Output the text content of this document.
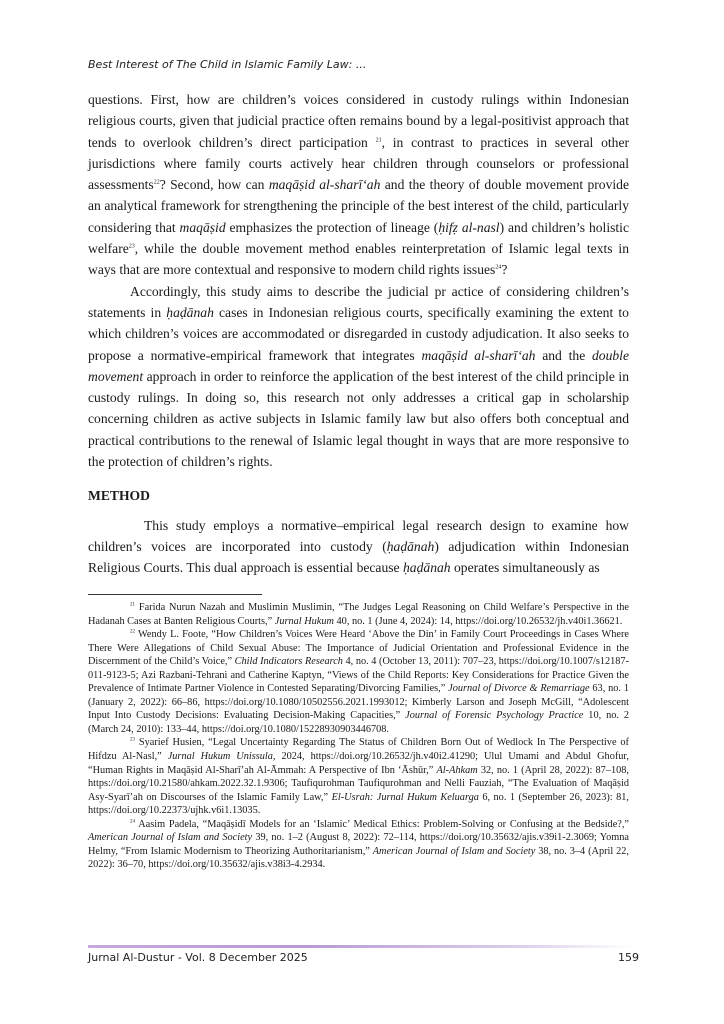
Best Interest of The Child in Islamic Family Law: ...

questions. First, how are children’s voices considered in custody rulings within Indonesian religious courts, given that judicial practice often remains bound by a legal-positivist approach that tends to overlook children’s direct participation $^{21}$, in contrast to practices in several other jurisdictions where family courts actively hear children through counselors or professional assessments$^{22}$? Second, how can maqāṣid al-sharī‘ah and the theory of double movement provide an analytical framework for strengthening the principle of the best interest of the child, particularly considering that maqāṣid emphasizes the protection of lineage (ḥifẓ al-nasl) and children’s holistic welfare$^{23}$, while the double movement method enables reinterpretation of Islamic legal texts in ways that are more contextual and responsive to modern child rights issues$^{24}$?

Accordingly, this study aims to describe the judicial pr actice of considering children’s statements in ḥaḍānah cases in Indonesian religious courts, specifically examining the extent to which children’s voices are accommodated or disregarded in custody adjudication. It also seeks to propose a normative-empirical framework that integrates maqāṣid al-sharī‘ah and the double movement approach in order to reinforce the application of the best interest of the child principle in custody rulings. In doing so, this research not only addresses a critical gap in scholarship concerning children as active subjects in Islamic family law but also offers both conceptual and practical contributions to the renewal of Islamic legal thought in ways that are more responsive to the protection of children’s rights.

METHOD

This study employs a normative–empirical legal research design to examine how children’s voices are incorporated into custody (ḥaḍānah) adjudication within Indonesian Religious Courts. This dual approach is essential because ḥaḍānah operates simultaneously as

$^{21}$ Farida Nurun Nazah and Muslimin Muslimin, “The Judges Legal Reasoning on Child Welfare’s Perspective in the Hadanah Cases at Banten Religious Courts,” Jurnal Hukum 40, no. 1 (June 4, 2024): 14, https://doi.org/10.26532/jh.v40i1.36621.

$^{22}$ Wendy L. Foote, “How Children’s Voices Were Heard ‘Above the Din’ in Family Court Proceedings in Cases Where There Were Allegations of Child Sexual Abuse: The Importance of Judicial Orientation and Professional Evidence in the Discernment of the Child’s Voice,” Child Indicators Research 4, no. 4 (October 13, 2011): 707–23, https://doi.org/10.1007/s12187-011-9123-5; Azi Razbani-Tehrani and Catherine Kaptyn, “Views of the Child Reports: Key Considerations for Practice Given the Prevalence of Intimate Partner Violence in Contested Separating/Divorcing Families,” Journal of Divorce & Remarriage 63, no. 1 (January 2, 2022): 66–86, https://doi.org/10.1080/10502556.2021.1993012; Kimberly Larson and Joseph McGill, “Adolescent Input Into Custody Decisions: Evaluating Decision-Making Capacities,” Journal of Forensic Psychology Practice 10, no. 2 (March 24, 2010): 133–44, https://doi.org/10.1080/15228930903446708.

$^{23}$ Syarief Husien, “Legal Uncertainty Regarding The Status of Children Born Out of Wedlock In The Perspective of Hifdzu Al-Nasl,” Jurnal Hukum Unissula, 2024, https://doi.org/10.26532/jh.v40i2.41290; Ulul Umami and Abdul Ghofur, “Human Rights in Maqāṣid Al-Sharī’ah Al-Āmmah: A Perspective of Ibn ‘Āshūr,” Al-Ahkam 32, no. 1 (April 28, 2022): 87–108, https://doi.org/10.21580/ahkam.2022.32.1.9306; Taufiqurohman Taufiqurohman and Nelli Fauziah, “The Evaluation of Maqāṣid Asy-Syarī’ah on Discourses of the Islamic Family Law,” El-Usrah: Jurnal Hukum Keluarga 6, no. 1 (September 26, 2023): 81, https://doi.org/10.22373/ujhk.v6i1.13035.

$^{24}$ Aasim Padela, “Maqāṣidī Models for an ‘Islamic’ Medical Ethics: Problem-Solving or Confusing at the Bedside?,” American Journal of Islam and Society 39, no. 1–2 (August 8, 2022): 72–114, https://doi.org/10.35632/ajis.v39i1-2.3069; Yomna Helmy, “From Islamic Modernism to Theorizing Authoritarianism,” American Journal of Islam and Society 38, no. 3–4 (April 22, 2022): 36–70, https://doi.org/10.35632/ajis.v38i3-4.2934.

Jurnal Al-Dustur - Vol. 8 December 2025	159
